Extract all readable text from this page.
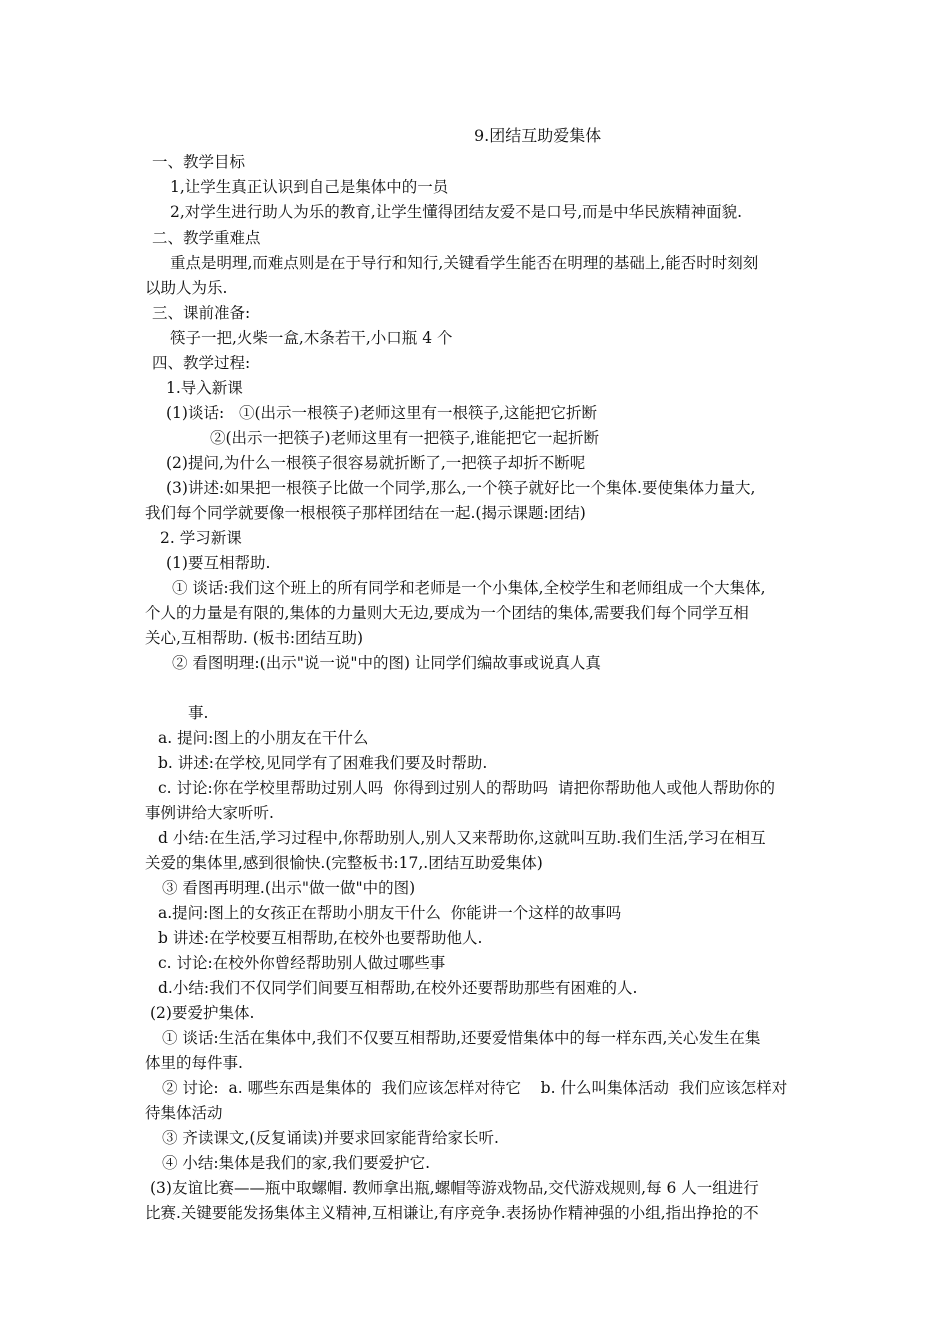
9.团结互助爱集体
一、教学目标
1,让学生真正认识到自己是集体中的一员
2,对学生进行助人为乐的教育,让学生懂得团结友爱不是口号,而是中华民族精神面貌.
二、教学重难点
重点是明理,而难点则是在于导行和知行,关键看学生能否在明理的基础上,能否时时刻刻
以助人为乐.
三、课前准备:
筷子一把,火柴一盒,木条若干,小口瓶 4 个
四、教学过程:
1.导入新课
(1)谈话:   ①(出示一根筷子)老师这里有一根筷子,这能把它折断
②(出示一把筷子)老师这里有一把筷子,谁能把它一起折断
(2)提问,为什么一根筷子很容易就折断了,一把筷子却折不断呢
(3)讲述:如果把一根筷子比做一个同学,那么,一个筷子就好比一个集体.要使集体力量大,
我们每个同学就要像一根根筷子那样团结在一起.(揭示课题:团结)
2. 学习新课
(1)要互相帮助.
① 谈话:我们这个班上的所有同学和老师是一个小集体,全校学生和老师组成一个大集体,
个人的力量是有限的,集体的力量则大无边,要成为一个团结的集体,需要我们每个同学互相
关心,互相帮助. (板书:团结互助)
② 看图明理:(出示"说一说"中的图) 让同学们编故事或说真人真
事.
a. 提问:图上的小朋友在干什么
b. 讲述:在学校,见同学有了困难我们要及时帮助.
c. 讨论:你在学校里帮助过别人吗  你得到过别人的帮助吗  请把你帮助他人或他人帮助你的
事例讲给大家听听.
d 小结:在生活,学习过程中,你帮助别人,别人又来帮助你,这就叫互助.我们生活,学习在相互
关爱的集体里,感到很愉快.(完整板书:17,.团结互助爱集体)
③ 看图再明理.(出示"做一做"中的图)
a.提问:图上的女孩正在帮助小朋友干什么  你能讲一个这样的故事吗
b 讲述:在学校要互相帮助,在校外也要帮助他人.
c. 讨论:在校外你曾经帮助别人做过哪些事
d.小结:我们不仅同学们间要互相帮助,在校外还要帮助那些有困难的人.
(2)要爱护集体.
① 谈话:生活在集体中,我们不仅要互相帮助,还要爱惜集体中的每一样东西,关心发生在集
体里的每件事.
② 讨论:  a. 哪些东西是集体的  我们应该怎样对待它    b. 什么叫集体活动  我们应该怎样对
待集体活动
③ 齐读课文,(反复诵读)并要求回家能背给家长听.
④ 小结:集体是我们的家,我们要爱护它.
(3)友谊比赛——瓶中取螺帽. 教师拿出瓶,螺帽等游戏物品,交代游戏规则,每 6 人一组进行
比赛.关键要能发扬集体主义精神,互相谦让,有序竞争.表扬协作精神强的小组,指出挣抢的不
